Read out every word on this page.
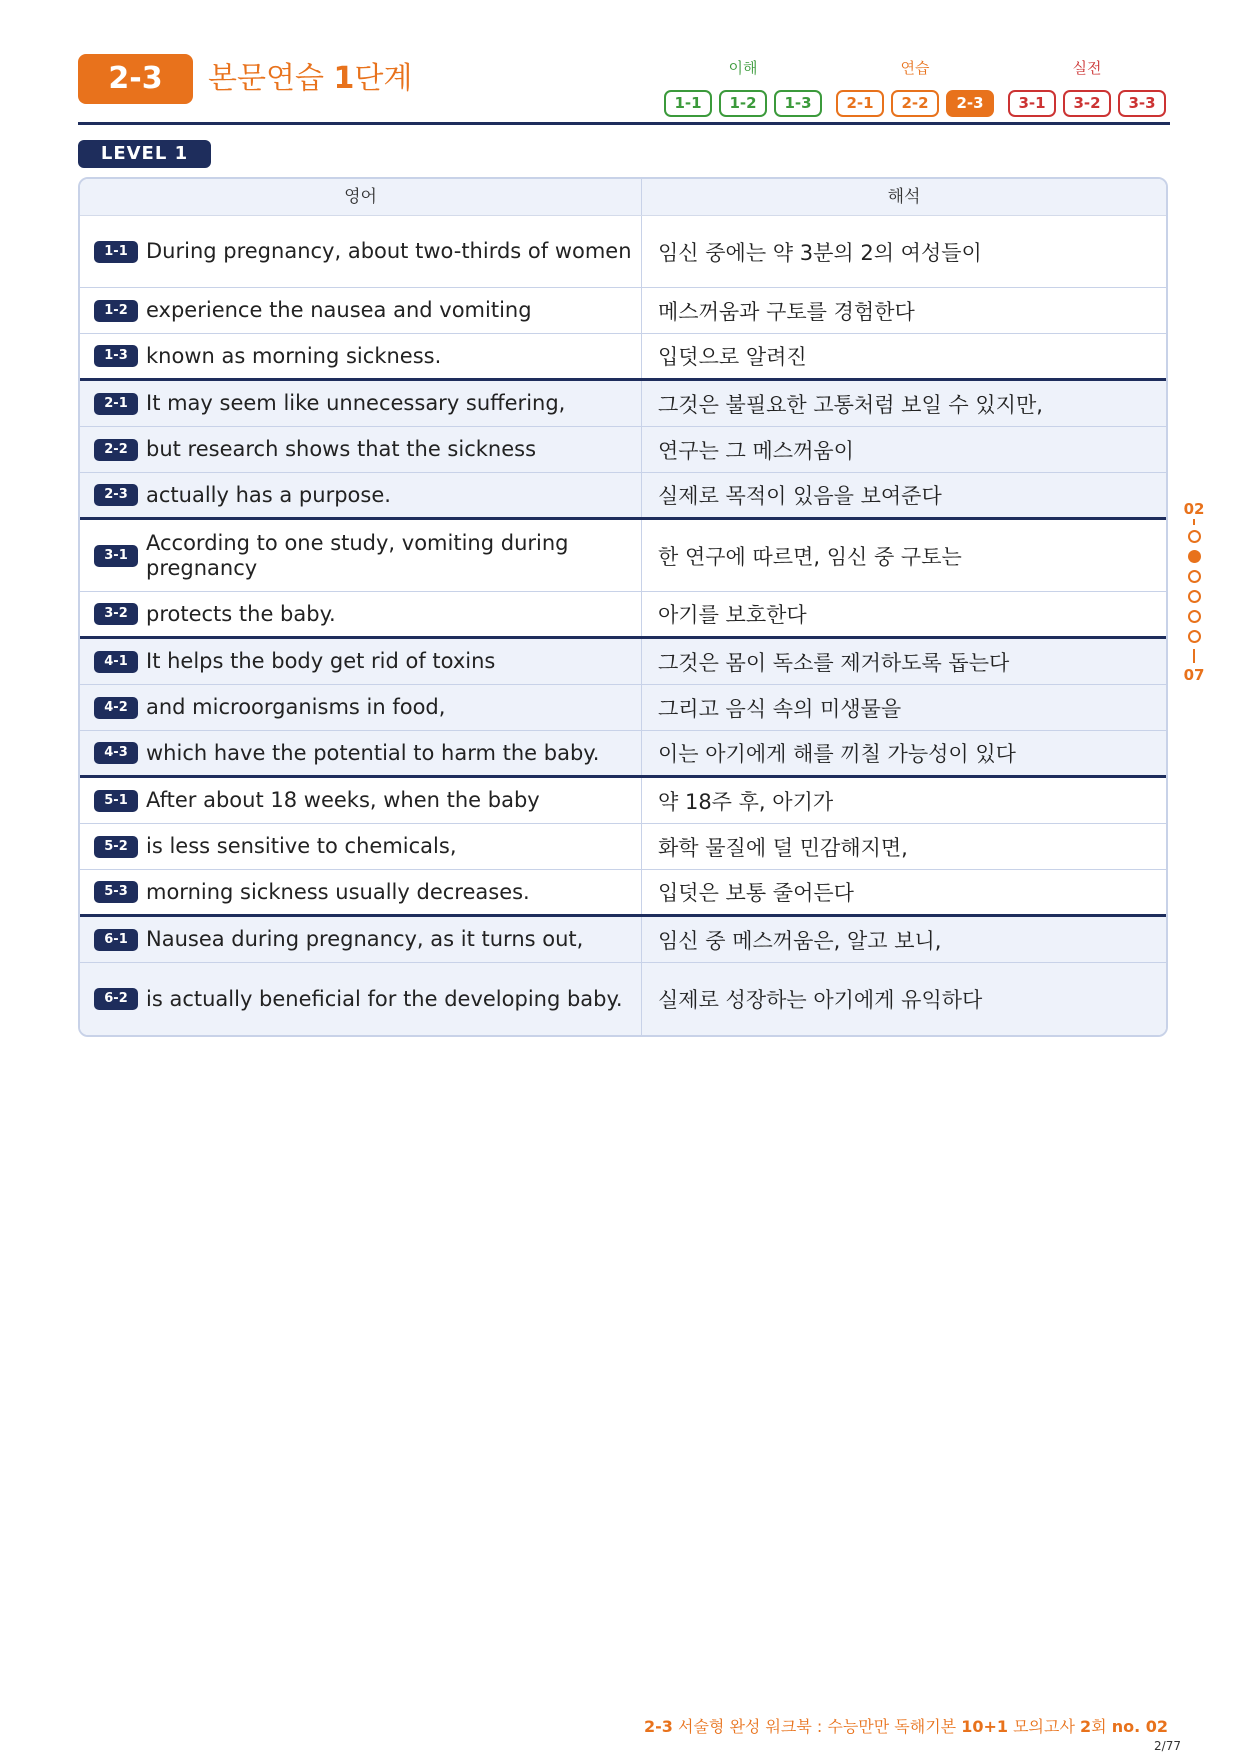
2-3	본문연습 1단계	이해
1-1	1-2	1-3
연습
2-1	2-2	2-3
실전
3-1	3-2	3-3
LEVEL 1
영어	해석
1-1 During pregnancy, about two-thirds of women	임신 중에는 약 3분의 2의 여성들이
1-2 experience the nausea and vomiting	메스꺼움과 구토를 경험한다
1-3 known as morning sickness.	입덧으로 알려진
2-1 It may seem like unnecessary suffering,	그것은 불필요한 고통처럼 보일 수 있지만,
2-2 but research shows that the sickness	연구는 그 메스꺼움이
2-3 actually has a purpose.	실제로 목적이 있음을 보여준다
3-1
According to one study, vomiting during pregnancy	한 연구에 따르면, 임신 중 구토는
3-2 protects the baby.	아기를 보호한다
4-1 It helps the body get rid of toxins	그것은 몸이 독소를 제거하도록 돕는다
4-2 and microorganisms in food,	그리고 음식 속의 미생물을
4-3 which have the potential to harm the baby.	이는 아기에게 해를 끼칠 가능성이 있다
5-1 After about 18 weeks, when the baby	약 18주 후, 아기가
5-2 is less sensitive to chemicals,	화학 물질에 덜 민감해지면,
5-3 morning sickness usually decreases.	입덧은 보통 줄어든다
6-1 Nausea during pregnancy, as it turns out,	임신 중 메스꺼움은, 알고 보니,
6-2 is actually beneficial for the developing baby.	실제로 성장하는 아기에게 유익하다
02
07
2-3 서술형 완성 워크북 : 수능만만 독해기본 10+1 모의고사 2회 no. 02
2/77
